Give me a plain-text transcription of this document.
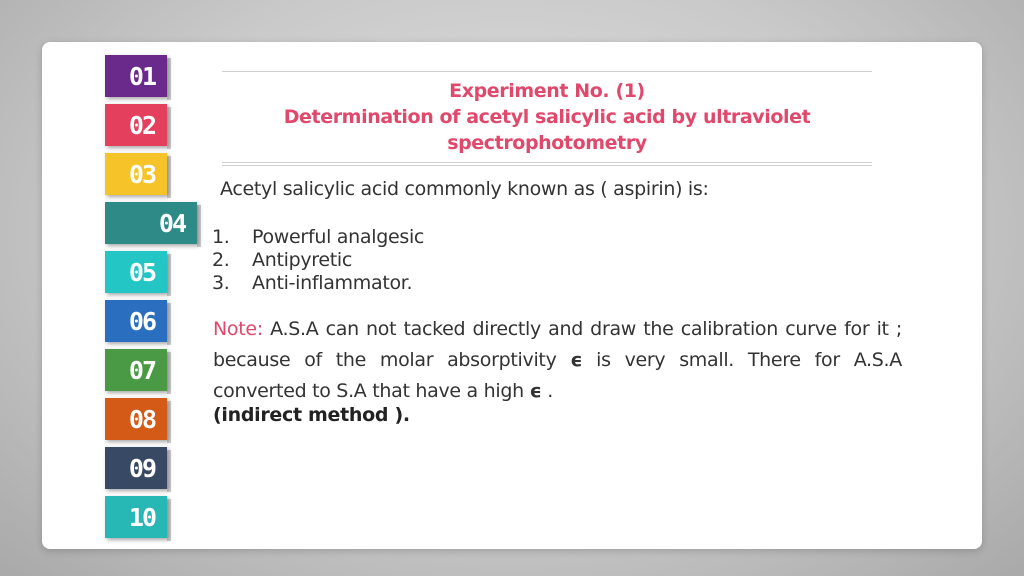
01
02
03
04
05
06
07
08
09
10
Experiment No. (1)
Determination of acetyl salicylic acid by ultraviolet
spectrophotometry
Acetyl salicylic acid commonly known as ( aspirin) is:
1.	Powerful analgesic
2.	Antipyretic
3.	Anti-inflammator.
Note: A.S.A can not tacked directly and draw the calibration curve for it ; because of the molar absorptivity ϵ is very small. There for A.S.A converted to S.A that have a high ϵ .
(indirect method ).
